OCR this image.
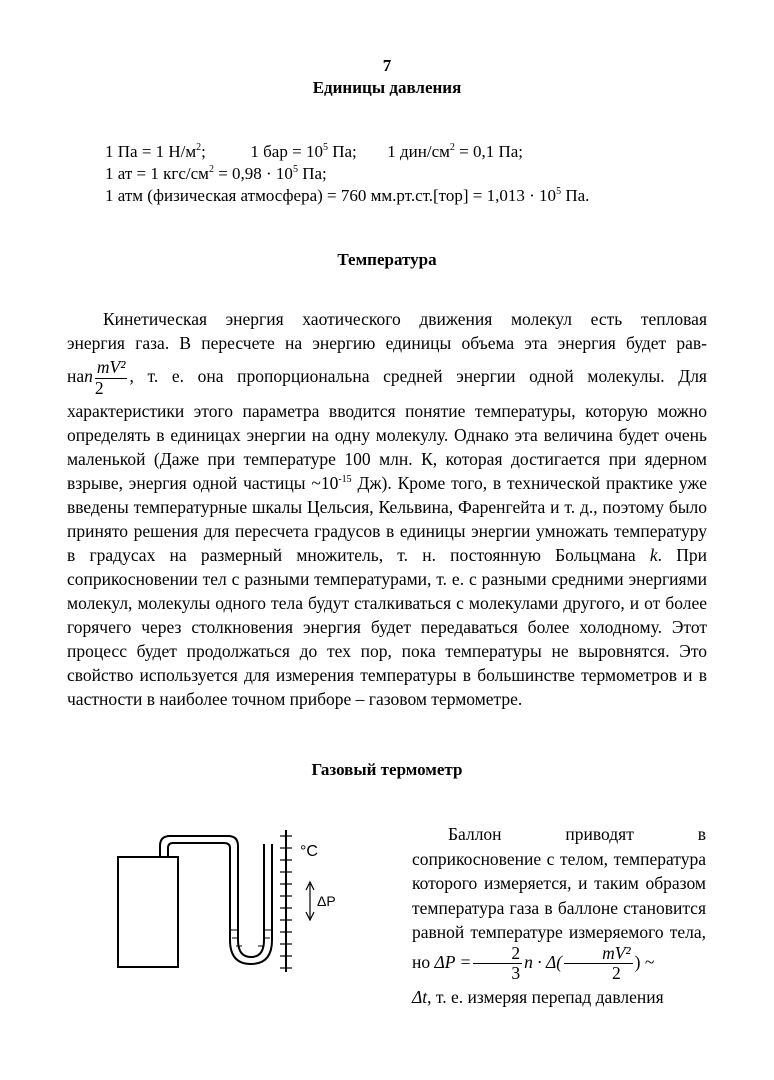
7
Единицы давления
1 Па = 1 $Н/м^2$;  1 бар = $10^5$ Па; 1 дин/$см^2 = 0,1$ Па;
1 ат = 1 кгс/$см^2 = 0,98 \cdot 10^5$ Па;
1 атм (физическая атмосфера) = 760 $мм.рт.ст.[тор] = 1,013 \cdot 10^5$ Па.
Температура

Кинетическая энергия хаотического движения молекул есть тепловая

энергия газа. В пересчете на энергию единицы объема эта энергия будет рав-

наn $\frac{\text{mV²}}{2}$ , т. е. она пропорциональна средней энергии одной молекулы. Для

характеристики этого параметра вводится понятие температуры, которую можно определять в единицах энергии на одну молекулу. Однако эта величина будет очень маленькой (Даже при температуре 100 млн. К, которая достигается при ядерном взрыве, энергия одной частицы $\sim 10^{-15}$ Дж). Кроме того, в технической практике уже введены температурные шкалы Цельсия, Кельвина, Фаренгейта и т. д., поэтому было принято решения для пересчета градусов в единицы энергии умножать температуру в градусах на размерный множитель, т. н. постоянную Больцмана k. При соприкосновении тел с разными температурами, т. е. с разными средними энергиями молекул, молекулы одного тела будут сталкиваться с молекулами другого, и от более горячего через столкновения энергия будет передаваться более холодному. Этот процесс будет продолжаться до тех пор, пока температуры не выровнятся. Это свойство используется для измерения температуры в большинстве термометров и в частности в наиболее точном приборе – газовом термометре.

Газовый термометр
°C
ΔP

Баллон приводят в соприкосновение с телом, температура которого измеряется, и таким образом температура газа в баллоне становится равной температуре измеряемого тела, но $\Delta P = \frac{2}{3}$ $n \cdot \Delta( \frac{\text{mV²}}{2}$ ) ~

Δt, т. е. измеряя перепад давления
